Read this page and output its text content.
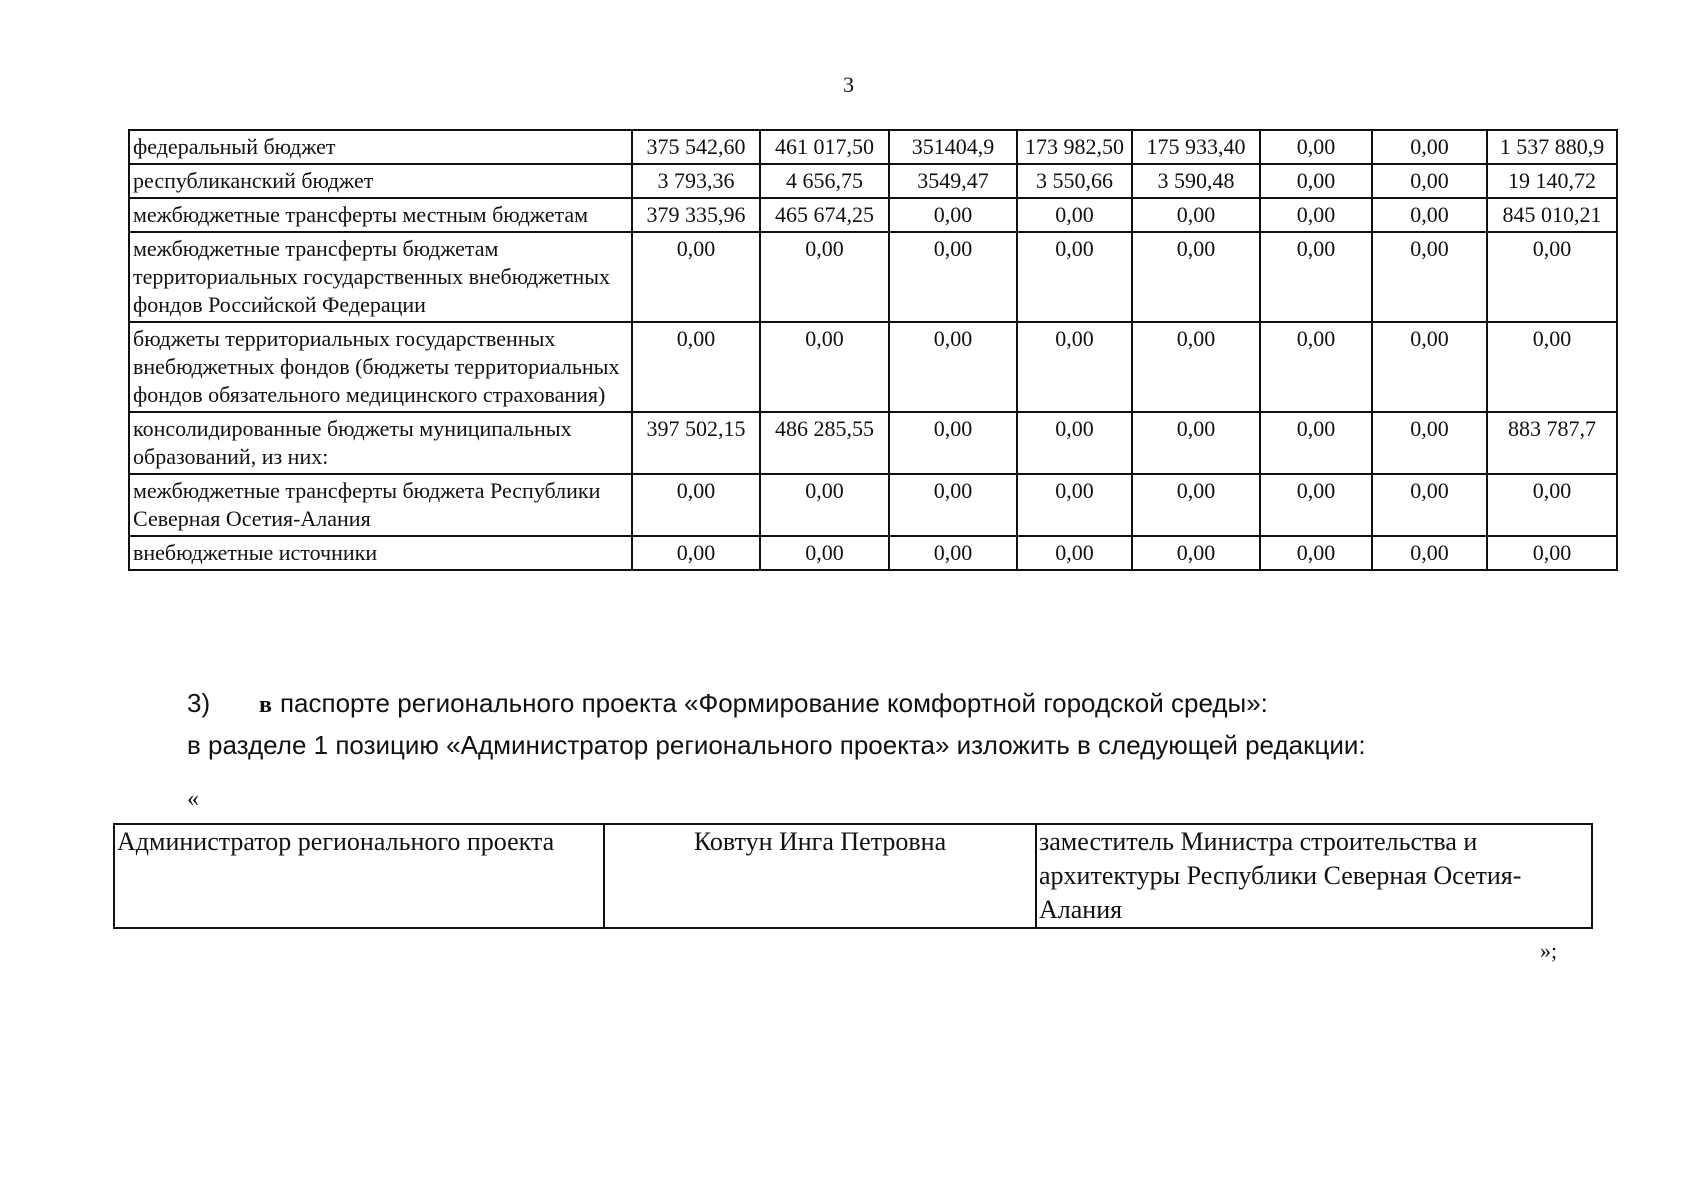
3
федеральный бюджет	375 542,60	461 017,50	351404,9	173 982,50	175 933,40	0,00	0,00	1 537 880,9
республиканский бюджет	3 793,36	4 656,75	3549,47	3 550,66	3 590,48	0,00	0,00	19 140,72
межбюджетные трансферты местным бюджетам	379 335,96	465 674,25	0,00	0,00	0,00	0,00	0,00	845 010,21
межбюджетные трансферты бюджетам территориальных государственных внебюджетных фондов Российской Федерации	0,00	0,00	0,00	0,00	0,00	0,00	0,00	0,00
бюджеты территориальных государственных внебюджетных фондов (бюджеты территориальных фондов обязательного медицинского страхования)	0,00	0,00	0,00	0,00	0,00	0,00	0,00	0,00
консолидированные бюджеты муниципальных образований, из них:	397 502,15	486 285,55	0,00	0,00	0,00	0,00	0,00	883 787,7
межбюджетные трансферты бюджета Республики Северная Осетия-Алания	0,00	0,00	0,00	0,00	0,00	0,00	0,00	0,00
внебюджетные источники	0,00	0,00	0,00	0,00	0,00	0,00	0,00	0,00
3) в паспорте регионального проекта «Формирование комфортной городской среды»:
в разделе 1 позицию «Администратор регионального проекта» изложить в следующей редакции:
«
Администратор регионального проекта	Ковтун Инга Петровна	заместитель Министра строительства и архитектуры Республики Северная Осетия-Алания
»;
